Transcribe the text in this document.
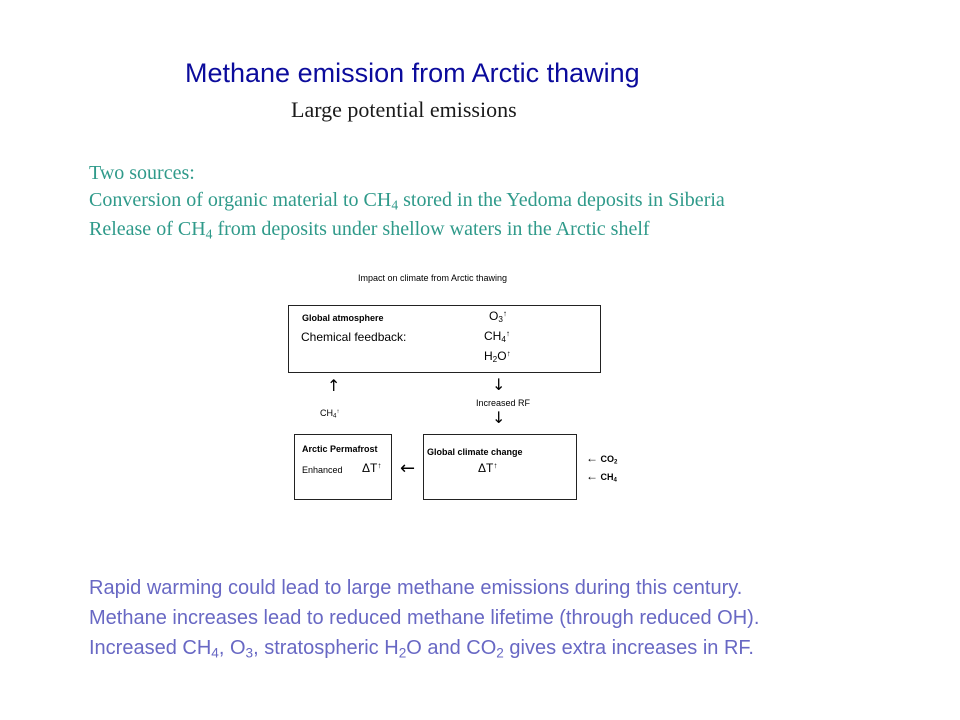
Methane emission from Arctic thawing
Large potential emissions
Two sources:
Conversion of organic material to $CH_4$ stored in the Yedoma deposits in Siberia
Release of $CH_4$ from deposits under shellow waters in the Arctic shelf
Impact on climate from Arctic thawing
Global atmosphere
Chemical feedback:
$O_3^↑$
$CH_4^↑$
$H_2O^↑$
↑
$CH_4^↑$
↓
Increased RF
↓
Arctic Permafrost
Enhanced ΔT↑ ←
Global climate change
ΔT↑
← $CO_2$
← $CH_4$
Rapid warming could lead to large methane emissions during this century.
Methane increases lead to reduced methane lifetime (through reduced OH).
Increased $CH_4$, $O_3$, stratospheric $H_2O$ and $CO_2$ gives extra increases in RF.
